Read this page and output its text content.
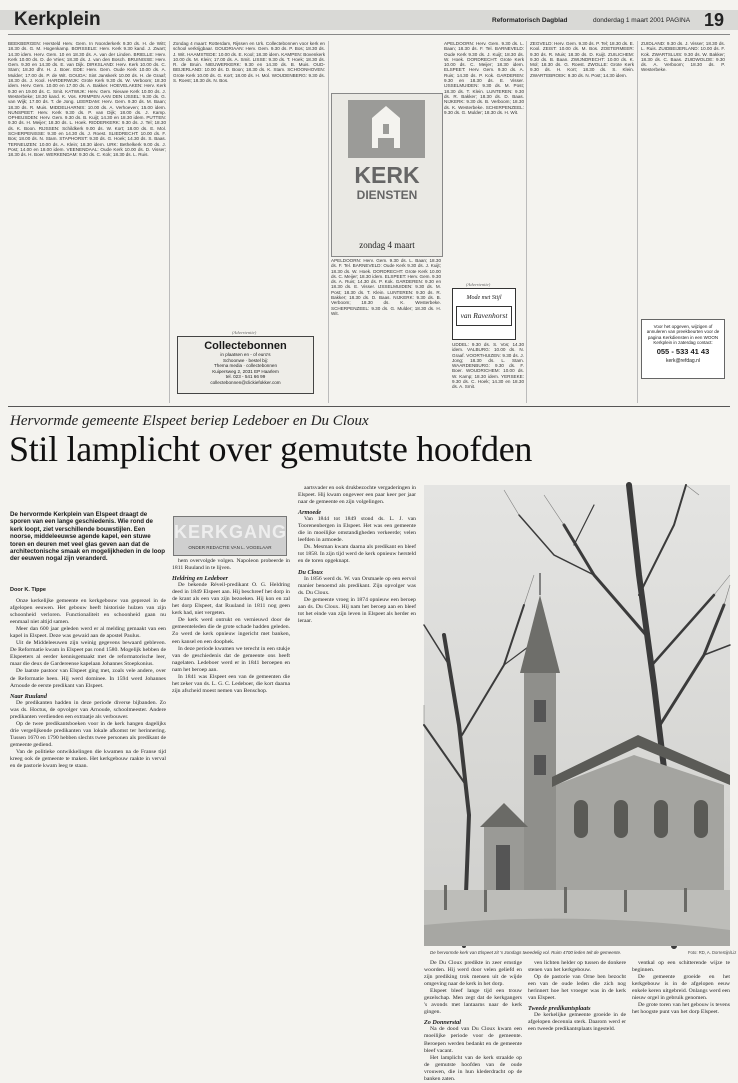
Kerkplein	Reformatorisch Dagblad	donderdag 1 maart 2001 PAGINA 19

BEEKBERGEN: Hersteld Herv. Gem. In Noorderkerk 9.30 ds. H. de Witt; 18.30 ds. G. M. Hogenkamp. BORSSELE: Herv. Kerk 9.30 kand. J. Zwart; 14.30 idem. Herv. Gem. 10 en 18.30 ds. A. van der Linden. BRIELLE: Herv. Kerk 10.00 ds. D. de Vries; 18.30 ds. J. van den Bosch. BRUINISSE: Herv. Gem. 9.30 en 14.30 ds. E. van Dijk. DIRKSLAND: Herv. Kerk 10.00 ds. C. Stam; 18.30 dhr. H. J. Boer. EDE: Herv. Gem. Oude Kerk 10.00 ds. A. Mulder; 17.00 ds. P. de Wit. GOUDA: Sint Janskerk 10.00 ds. H. de Graaf; 18.30 ds. J. Kool. HARDERWIJK: Grote Kerk 9.30 ds. W. Verboom; 18.30 idem. Herv. Gem. 10.00 en 17.00 ds. A. Bakker. HOEVELAKEN: Herv. Kerk 9.30 en 19.00 ds. C. Smit. KATWIJK: Herv. Gem. Nieuwe Kerk 10.00 ds. J. Westerbeke; 18.30 kand. K. Vos. KRIMPEN AAN DEN IJSSEL: 9.30 ds. G. van Wijk; 17.00 ds. T. de Jong. LEERDAM: Herv. Gem. 9.30 ds. M. Baan; 18.30 ds. R. Muis. MIDDELHARNIS: 10.00 ds. A. Verhoeven; 15.00 idem. NUNSPEET: Herv. Kerk 9.30 ds. P. van Dijk; 18.00 ds. J. Kamp. OPHEUSDEN: Herv. Gem. 9.30 ds. B. Kuijt; 14.30 en 18.30 idem. PUTTEN: 9.30 ds. H. Meijer; 18.30 ds. L. Hoek. RIDDERKERK: 9.30 ds. J. Tel; 18.30 ds. K. Boon. RIJSSEN: Schildkerk 9.00 ds. W. Kort; 18.00 ds. E. Mol. SCHERPENISSE: 9.30 en 14.30 ds. J. Roest. SLIEDRECHT: 10.00 ds. F. Bos; 18.00 ds. N. Stam. STAPHORST: 9.30 ds. G. Hoek; 14.30 ds. S. Baas. TERNEUZEN: 10.00 ds. A. Klein; 18.30 idem. URK: Bethelkerk 9.00 ds. J. Post; 14.00 en 18.00 idem. VEENENDAAL: Oude Kerk 10.00 ds. D. Visser; 18.30 ds. H. Boer. WERKENDAM: 9.30 ds. C. Kok; 18.30 ds. L. Ruis.

Zondag 4 maart: Rotterdam, Rijssen en Urk. Collectebonnen voor kerk en school verkrijgbaar. GOUDRIAAN: Herv. Gem. 9.30 ds. P. Bos; 18.30 ds. J. Wit. HAAMSTEDE: 10.00 ds. E. Kool; 18.30 idem. KAMPEN: Bovenkerk 10.00 ds. M. Klein; 17.00 ds. A. Smit. LISSE: 9.30 ds. T. Hoek; 18.30 ds. R. de Bruin. NIEUWERKERK: 9.30 en 14.30 ds. B. Muis. OUD-BEIJERLAND: 10.00 ds. D. Boon; 18.30 ds. K. Stam. SCHOONHOVEN: Grote Kerk 10.00 ds. G. Kort; 18.00 ds. H. Mol. WOUDENBERG: 9.30 ds. S. Roest; 18.30 ds. N. Bos.

KERK
DIENSTEN
zondag 4 maart

APELDOORN: Herv. Gem. 9.30 ds. L. Baan; 18.30 ds. F. Tel. BARNEVELD: Oude Kerk 9.30 ds. J. Kuijt; 18.30 ds. W. Hoek. DORDRECHT: Grote Kerk 10.00 ds. C. Meijer; 18.30 idem. ELSPEET: Herv. Gem. 9.30 ds. A. Ruis; 14.30 ds. P. Kok. GARDEREN: 9.30 en 18.30 ds. E. Visser. IJSSELMUIDEN: 9.30 ds. M. Post; 18.30 ds. T. Klein. LUNTEREN: 9.30 ds. R. Bakker; 18.30 ds. D. Baas. NIJKERK: 9.30 ds. B. Verboom; 18.30 ds. K. Westerbeke. SCHERPENZEEL: 9.30 ds. G. Mulder; 18.30 ds. H. Wit.

APELDOORN: Herv. Gem. 9.30 ds. L. Baan; 18.30 ds. F. Tel. BARNEVELD: Oude Kerk 9.30 ds. J. Kuijt; 18.30 ds. W. Hoek. DORDRECHT: Grote Kerk 10.00 ds. C. Meijer; 18.30 idem. ELSPEET: Herv. Gem. 9.30 ds. A. Ruis; 14.30 ds. P. Kok. GARDEREN: 9.30 en 18.30 ds. E. Visser. IJSSELMUIDEN: 9.30 ds. M. Post; 18.30 ds. T. Klein. LUNTEREN: 9.30 ds. R. Bakker; 18.30 ds. D. Baas. NIJKERK: 9.30 ds. B. Verboom; 18.30 ds. K. Westerbeke. SCHERPENZEEL: 9.30 ds. G. Mulder; 18.30 ds. H. Wit.

(Advertentie)
Mode met Stijl
van Ravenhorst

UDDEL: 9.30 ds. S. Vos; 14.30 idem. VALBURG: 10.00 ds. N. Graaf. VOORTHUIZEN: 9.30 ds. J. Jong; 18.30 ds. L. Stam. WAARDENBURG: 9.30 ds. F. Boer. WOUDRICHEM: 10.00 ds. W. Kamp; 18.30 idem. YERSEKE: 9.30 ds. C. Hoek; 14.30 en 18.30 ds. A. Smit.

ZEGVELD: Herv. Gem. 9.30 ds. P. Tel; 18.30 ds. E. Kool. ZEIST: 10.00 ds. M. Bos. ZOETERMEER: 9.30 ds. R. Muis; 18.30 ds. D. Kuijt. ZUILICHEM: 9.30 ds. B. Baan. ZWIJNDRECHT: 10.00 ds. K. Mol; 18.30 ds. G. Roest. ZWOLLE: Grote Kerk 9.30 ds. H. Kort; 18.30 ds. S. Klein. ZWARTEBROEK: 9.30 ds. N. Post; 14.30 idem.

ZUIDLAND: 9.30 ds. J. Visser; 18.30 ds. L. Ruis. ZUIDBEIJERLAND: 10.00 ds. F. Kok. ZWARTSLUIS: 9.30 ds. W. Bakker; 18.30 ds. C. Baas. ZUIDWOLDE: 9.30 ds. A. Verboom; 18.30 ds. P. Westerbeke.

Voor het opgeven, wijzigen of annuleren van preekbeurten voor de pagina Kerkdiensten in een WOON Kerkplein in zaterdag contact:
055 - 533 41 43
kerk@refdag.nl
(Advertentie)
Collectebonnen
in plaatsen en - of euro's
Schoonwe · bestel bij:
Thema media · collectebonnen
Kuipersweg 2, 2031 EP Haarlem
tel. 023 - 541 66 99
collectebonnen@clickiefokker.com
Hervormde gemeente Elspeet beriep Ledeboer en Du Cloux
Stil lamplicht over gemutste hoofden
De hervormde Kerkplein van Elspeet draagt de sporen van een lange geschiedenis. Wie rond de kerk loopt, ziet verschillende bouwstijlen. Een noorse, middeleeuwse agende kapel, een stuwe toren en deuren met veel glas geven aan dat de architectonische smaak en mogelijkheden in de loop der eeuwen nogal zijn veranderd.
Door K. Tippe
KERKGANG
ONDER REDACTIE VAN L. VOGELAAR

Onze kerkelijke gemeente en kerkgebouw van geprezel in de afgelopen eeuwen. Het gebouw heeft historisie hulzen van zijn schoonheid verloren. Functionaliteit en schoonheid gaan nu eenmaal niet altijd samen.

Meer dan 600 jaar geleden werd er al melding gemaakt van een kapel in Elspeet. Deze was gewaid aan de apostel Paulus.

Uit de Middeleeuwen zijn weinig gegevens bewaard gebleven. De Reformatie kwam in Elspeet pas rond 1580. Mogelijk hebben de Elspeeters al eerder kennisgemaakt met de reformatorische leer, maar die deux de Gardereense kapelaan Johannes Stoepkonius.

De laatste pastoor van Elspeet ging met, zoals vele andere, over de Reformatie heen. Hij werd dominee. In 1594 werd Johannes Arnoude de eerste predikant van Elspeet.

Naar Ruuland

De predikanten hadden in deze periode diverse bijbanden. Zo was ds. Hoctus, de opvolger van Arnoude, schoolmeester. Andere predikanten verdienden een extraatje als verbouwer.

Op de twee predikantsboeken voor in de kerk hangen dagelijks drie vergelijkende predikanten van lokale afkomst ter herinnering. Tussen 1670 en 1790 hebben slechts twee personen als predikant de gemeente gediend.

Van de politieke ontwikkelingen die kwamen na de Franse tijd kreeg ook de gemeente te maken. Het kerkgebouw raakte in verval en de pastorie kwam leeg te staan.

hem overvolgde volgen. Napoleon probeerde in 1811 Ruuland in te lijven.

Heldring en Ledeboer

De bekende Réveil-predikant O. G. Heldring deed in 1849 Elspeet aan. Hij beschreef het dorp in de krant als een van zijn bezoeken. Hij kon en zal het dorp Elspeet, dat Ruuland in 1811 nog geen kerk had, niet vergeten.

De kerk werd ontrukt en vernieuwd door de gemeenteleden die de grote schade hadden geleden. Zo werd de kerk opnieuw ingericht met banken, een kansel en een doophek.

In deze periode kwamen we terecht in een stukje van de geschiedenis dat de gemeente ons heeft nagelaten. Ledeboer werd er in 1841 beroepen en nam het beroep aan.

In 1841 was Elspeet een van de gemeenten die het zeker van ds. L. G. C. Ledeboer, die kort daarna zijn afscheid moest nemen van Benschop.

aartsvader en ook drukbezochte vergaderingen in Elspeet. Hij kwam ongeveer een paar keer per jaar naar de gemeente en zijn volgelingen.

Armoede

Van 1844 tot 1849 stond ds. L. J. van Toorenenbergen in Elspeet. Het was een gemeente die in moeilijke omstandigheden verkeerde; velen leefden in armoede.

Ds. Mesman kwam daarna als predikant en bleef tot 1858. In zijn tijd werd de kerk opnieuw hersteld en de toren opgeknapt.

Du Cloux

In 1856 werd ds. W. van Orsmaele op een eervol manier benoemd als predikant. Zijn opvolger was ds. Du Cloux.

De gemeente vroeg in 1874 opnieuw een beroep aan ds. Du Cloux. Hij nam het beroep aan en bleef tot het einde van zijn leven in Elspeet als herder en leraar.

De Du Cloux predikte in zeer ernstige woorden. Hij werd door velen geliefd en zijn prediking trok mensen uit de wijde omgeving naar de kerk in het dorp.

Elspeet bleef lange tijd een trouw gezelschap. Men zegt dat de kerkgangers 's avonds met lantaarns naar de kerk gingen.

Zo Donnerstal

Na de dood van Du Cloux kwam een moeilijke periode voor de gemeente. Beroepen werden bedankt en de gemeente bleef vacant.

Het lamplicht van de kerk straalde op de gemutste hoofden van de oude vrouwen, die in hun klederdracht op de banken zaten.

ven lichten helder op tussen de donkere stenen van het kerkgebouw.

Op de pastorie van Orne ben bezocht een van de oude leden die zich nog herinnert hoe het vroeger was in de kerk van Elspeet.

Tweede predikantsplaats

De kerkelijke gemeente groeide in de afgelopen decennia sterk. Daarom werd er een tweede predikantsplaats ingesteld.

ventkal op een schitterende wijze te beginnen.

De gemeente groeide en het kerkgebouw is in de afgelopen eeuw enkele keren uitgebreid. Onlangs werd een nieuw orgel in gebruik genomen.

De grote toren van het gebouw is tevens het hoogste punt van het dorp Elspeet.

De hervormde kerk van Elspeet zit 's zondags tweedelig vol. Ruim 4700 leden telt de gemeente.	Foto: RD, A. Dorrestijn/Liz
